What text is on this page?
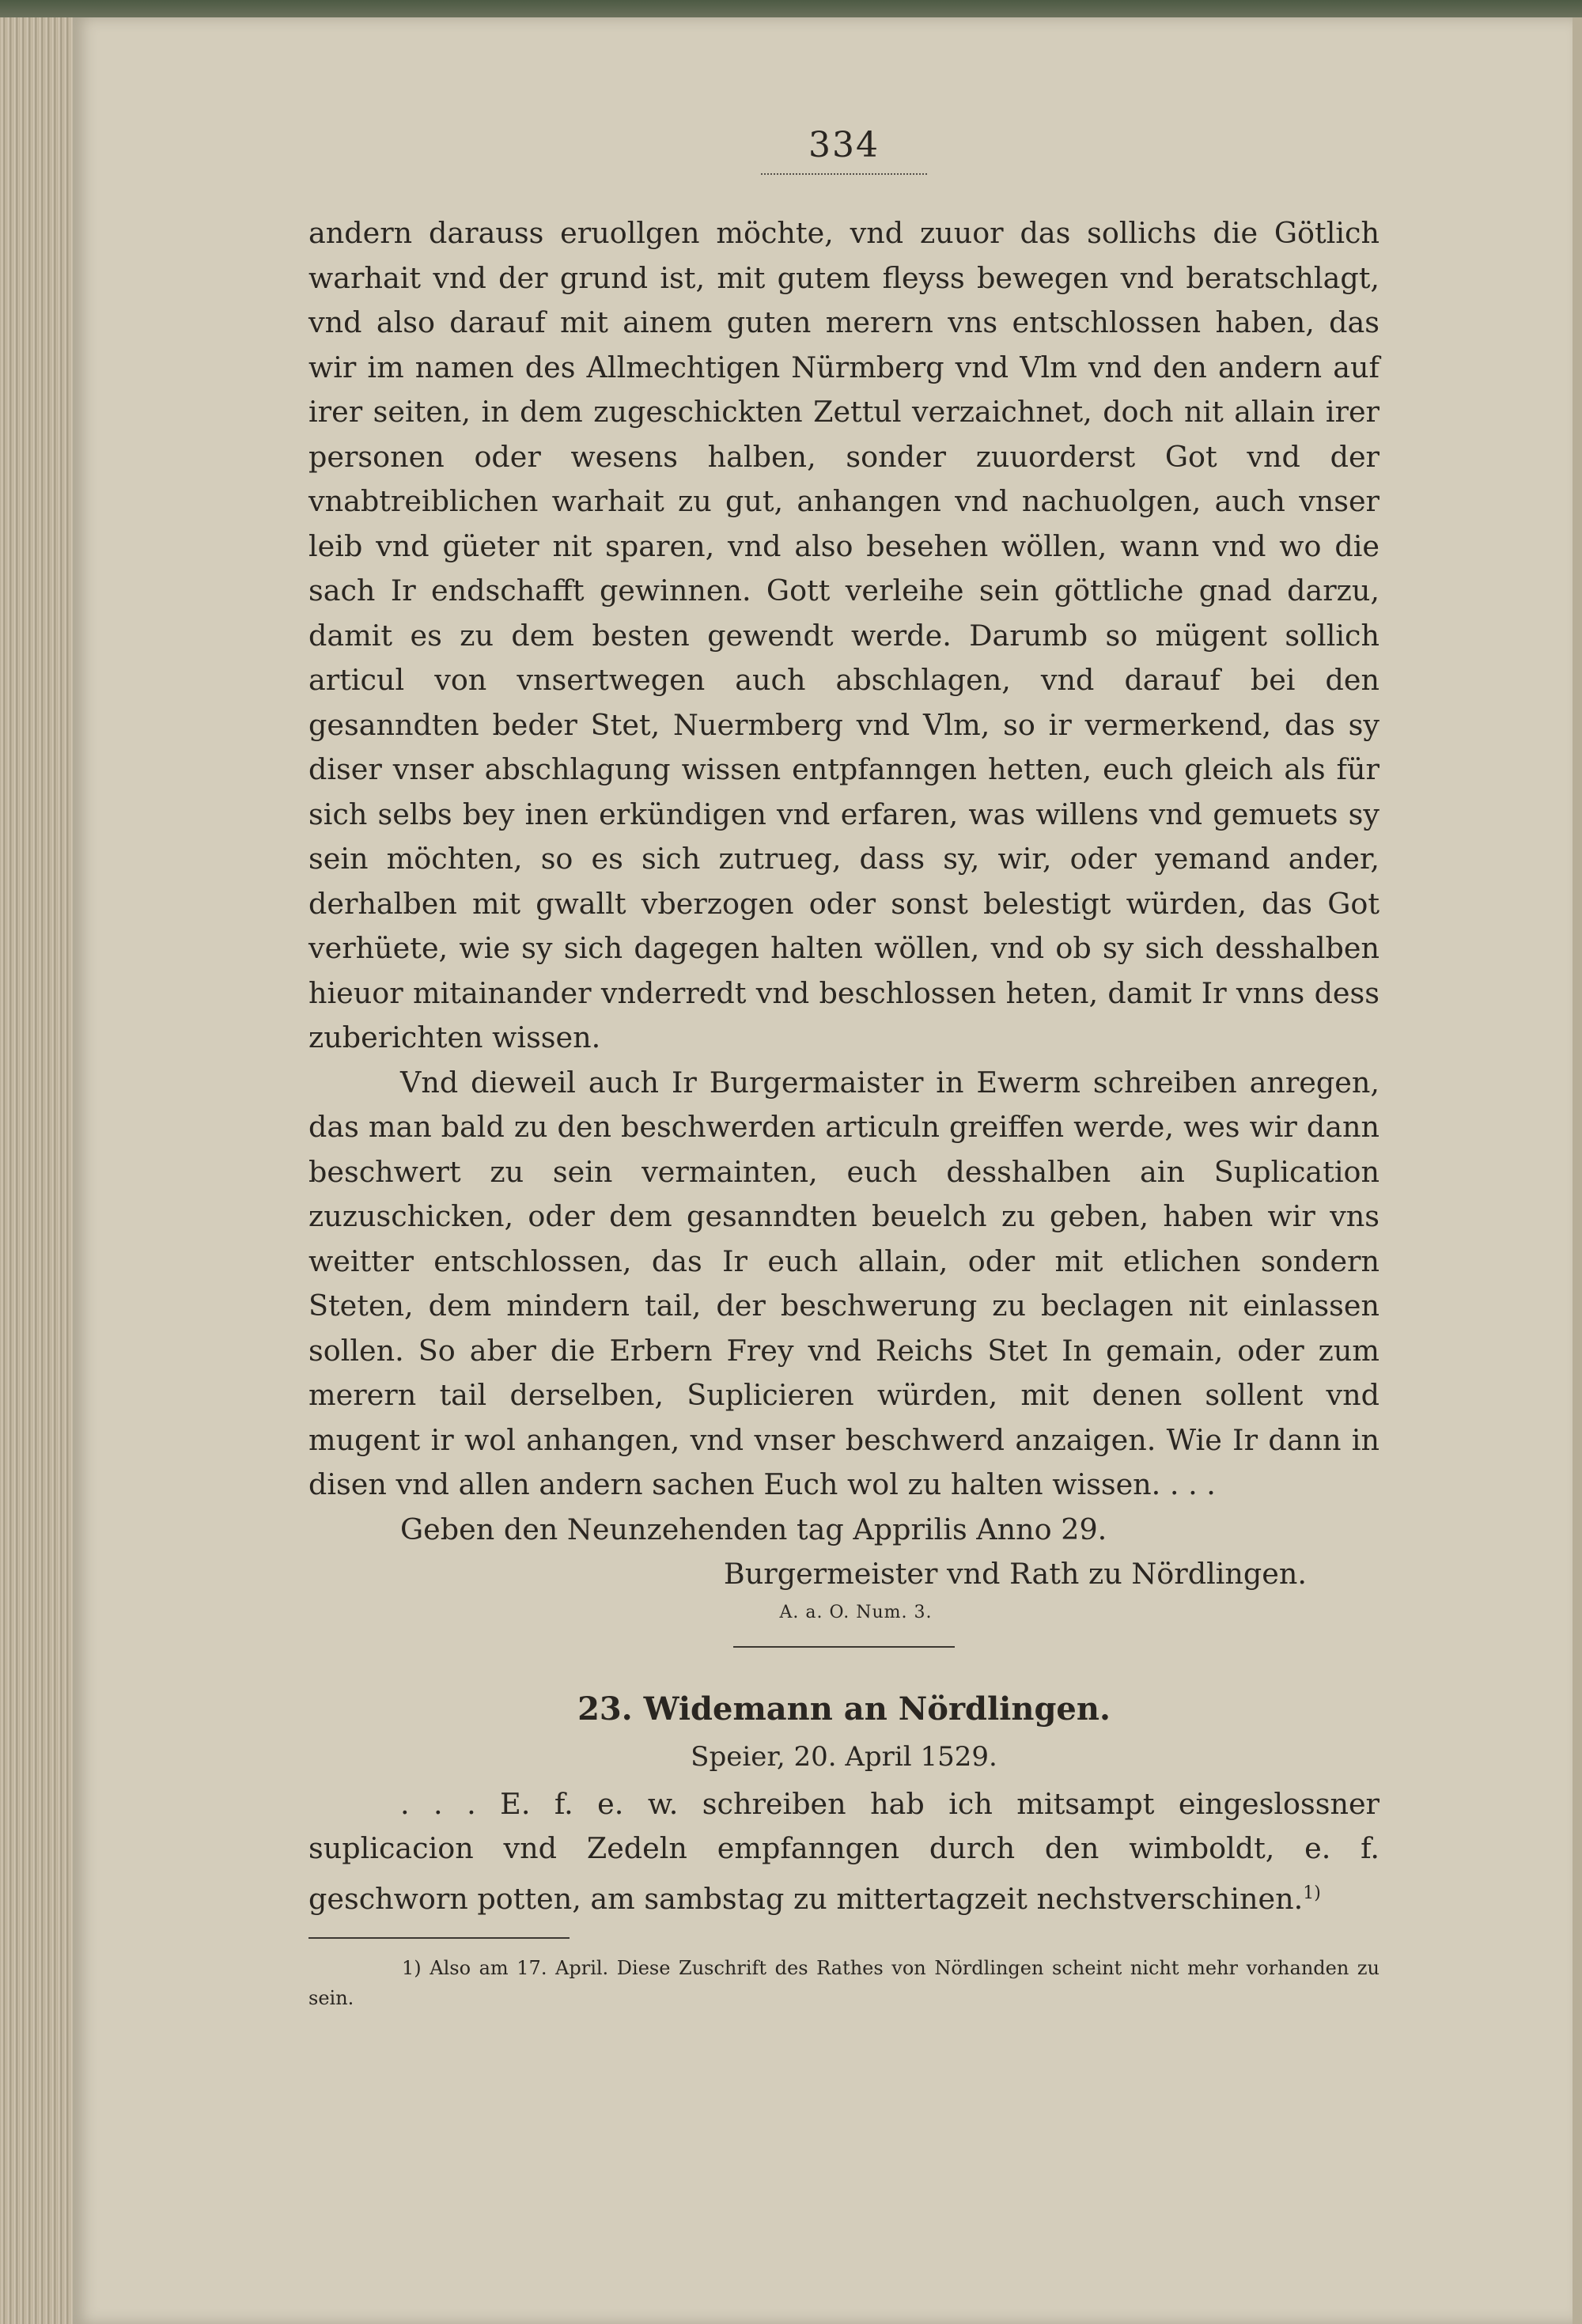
334

andern darauss eruollgen möchte, vnd zuuor das sollichs die Götlich warhait vnd der grund ist, mit gutem fleyss bewegen vnd beratschlagt, vnd also darauf mit ainem guten merern vns entschlossen haben, das wir im namen des Allmechtigen Nürmberg vnd Vlm vnd den andern auf irer seiten, in dem zugeschickten Zettul verzaichnet, doch nit allain irer personen oder wesens halben, sonder zuuorderst Got vnd der vnabtreiblichen warhait zu gut, anhangen vnd nachuolgen, auch vnser leib vnd güeter nit sparen, vnd also besehen wöllen, wann vnd wo die sach Ir endschafft gewinnen. Gott verleihe sein göttliche gnad darzu, damit es zu dem besten gewendt werde. Darumb so mügent sollich articul von vnsertwegen auch abschlagen, vnd darauf bei den gesanndten beder Stet, Nuermberg vnd Vlm, so ir vermerkend, das sy diser vnser abschlagung wissen entpfanngen hetten, euch gleich als für sich selbs bey inen erkündigen vnd erfaren, was willens vnd gemuets sy sein möchten, so es sich zutrueg, dass sy, wir, oder yemand ander, derhalben mit gwallt vberzogen oder sonst belestigt würden, das Got verhüete, wie sy sich dagegen halten wöllen, vnd ob sy sich desshalben hieuor mitainander vnderredt vnd beschlossen heten, damit Ir vnns dess zuberichten wissen.

Vnd dieweil auch Ir Burgermaister in Ewerm schreiben anregen, das man bald zu den beschwerden articuln greiffen werde, wes wir dann beschwert zu sein vermainten, euch desshalben ain Suplication zuzuschicken, oder dem gesanndten beuelch zu geben, haben wir vns weitter entschlossen, das Ir euch allain, oder mit etlichen sondern Steten, dem mindern tail, der beschwerung zu beclagen nit einlassen sollen. So aber die Erbern Frey vnd Reichs Stet In gemain, oder zum merern tail derselben, Suplicieren würden, mit denen sollent vnd mugent ir wol anhangen, vnd vnser beschwerd anzaigen. Wie Ir dann in disen vnd allen andern sachen Euch wol zu halten wissen. . . .

Geben den Neunzehenden tag Apprilis Anno 29.

Burgermeister vnd Rath zu Nördlingen.

A. a. O. Num. 3.

23. Widemann an Nördlingen.

Speier, 20. April 1529.

. . . E. f. e. w. schreiben hab ich mitsampt eingeslossner suplicacion vnd Zedeln empfanngen durch den wimboldt, e. f. geschworn potten, am sambstag zu mittertagzeit nechstverschinen.$^{1)}$

1) Also am 17. April. Diese Zuschrift des Rathes von Nördlingen scheint nicht mehr vorhanden zu sein.
